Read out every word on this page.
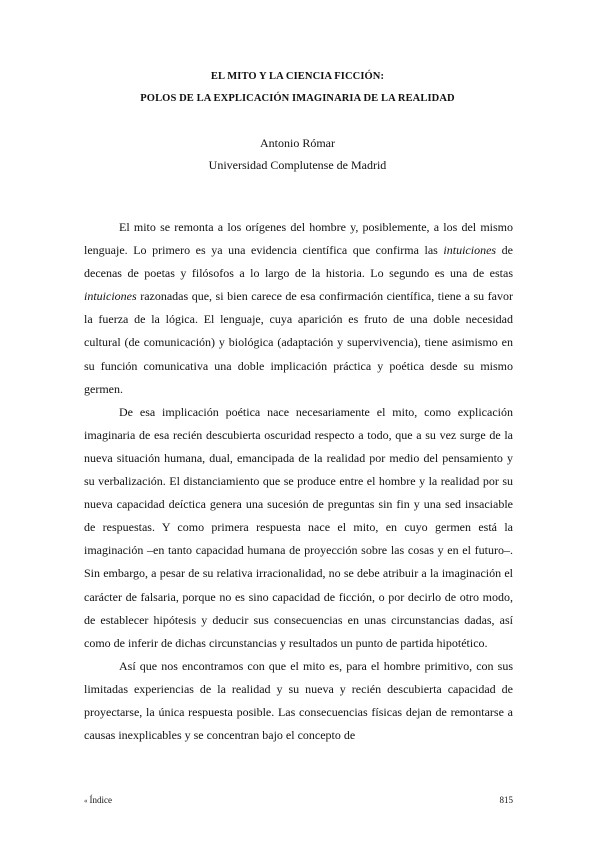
EL MITO Y LA CIENCIA FICCIÓN:
POLOS DE LA EXPLICACIÓN IMAGINARIA DE LA REALIDAD
Antonio Rómar
Universidad Complutense de Madrid

El mito se remonta a los orígenes del hombre y, posiblemente, a los del mismo lenguaje. Lo primero es ya una evidencia científica que confirma las intuiciones de decenas de poetas y filósofos a lo largo de la historia. Lo segundo es una de estas intuiciones razonadas que, si bien carece de esa confirmación científica, tiene a su favor la fuerza de la lógica. El lenguaje, cuya aparición es fruto de una doble necesidad cultural (de comunicación) y biológica (adaptación y supervivencia), tiene asimismo en su función comunicativa una doble implicación práctica y poética desde su mismo germen.

De esa implicación poética nace necesariamente el mito, como explicación imaginaria de esa recién descubierta oscuridad respecto a todo, que a su vez surge de la nueva situación humana, dual, emancipada de la realidad por medio del pensamiento y su verbalización. El distanciamiento que se produce entre el hombre y la realidad por su nueva capacidad deíctica genera una sucesión de preguntas sin fin y una sed insaciable de respuestas. Y como primera respuesta nace el mito, en cuyo germen está la imaginación –en tanto capacidad humana de proyección sobre las cosas y en el futuro–. Sin embargo, a pesar de su relativa irracionalidad, no se debe atribuir a la imaginación el carácter de falsaria, porque no es sino capacidad de ficción, o por decirlo de otro modo, de establecer hipótesis y deducir sus consecuencias en unas circunstancias dadas, así como de inferir de dichas circunstancias y resultados un punto de partida hipotético.

Así que nos encontramos con que el mito es, para el hombre primitivo, con sus limitadas experiencias de la realidad y su nueva y recién descubierta capacidad de proyectarse, la única respuesta posible. Las consecuencias físicas dejan de remontarse a causas inexplicables y se concentran bajo el concepto de

« Índice	815
